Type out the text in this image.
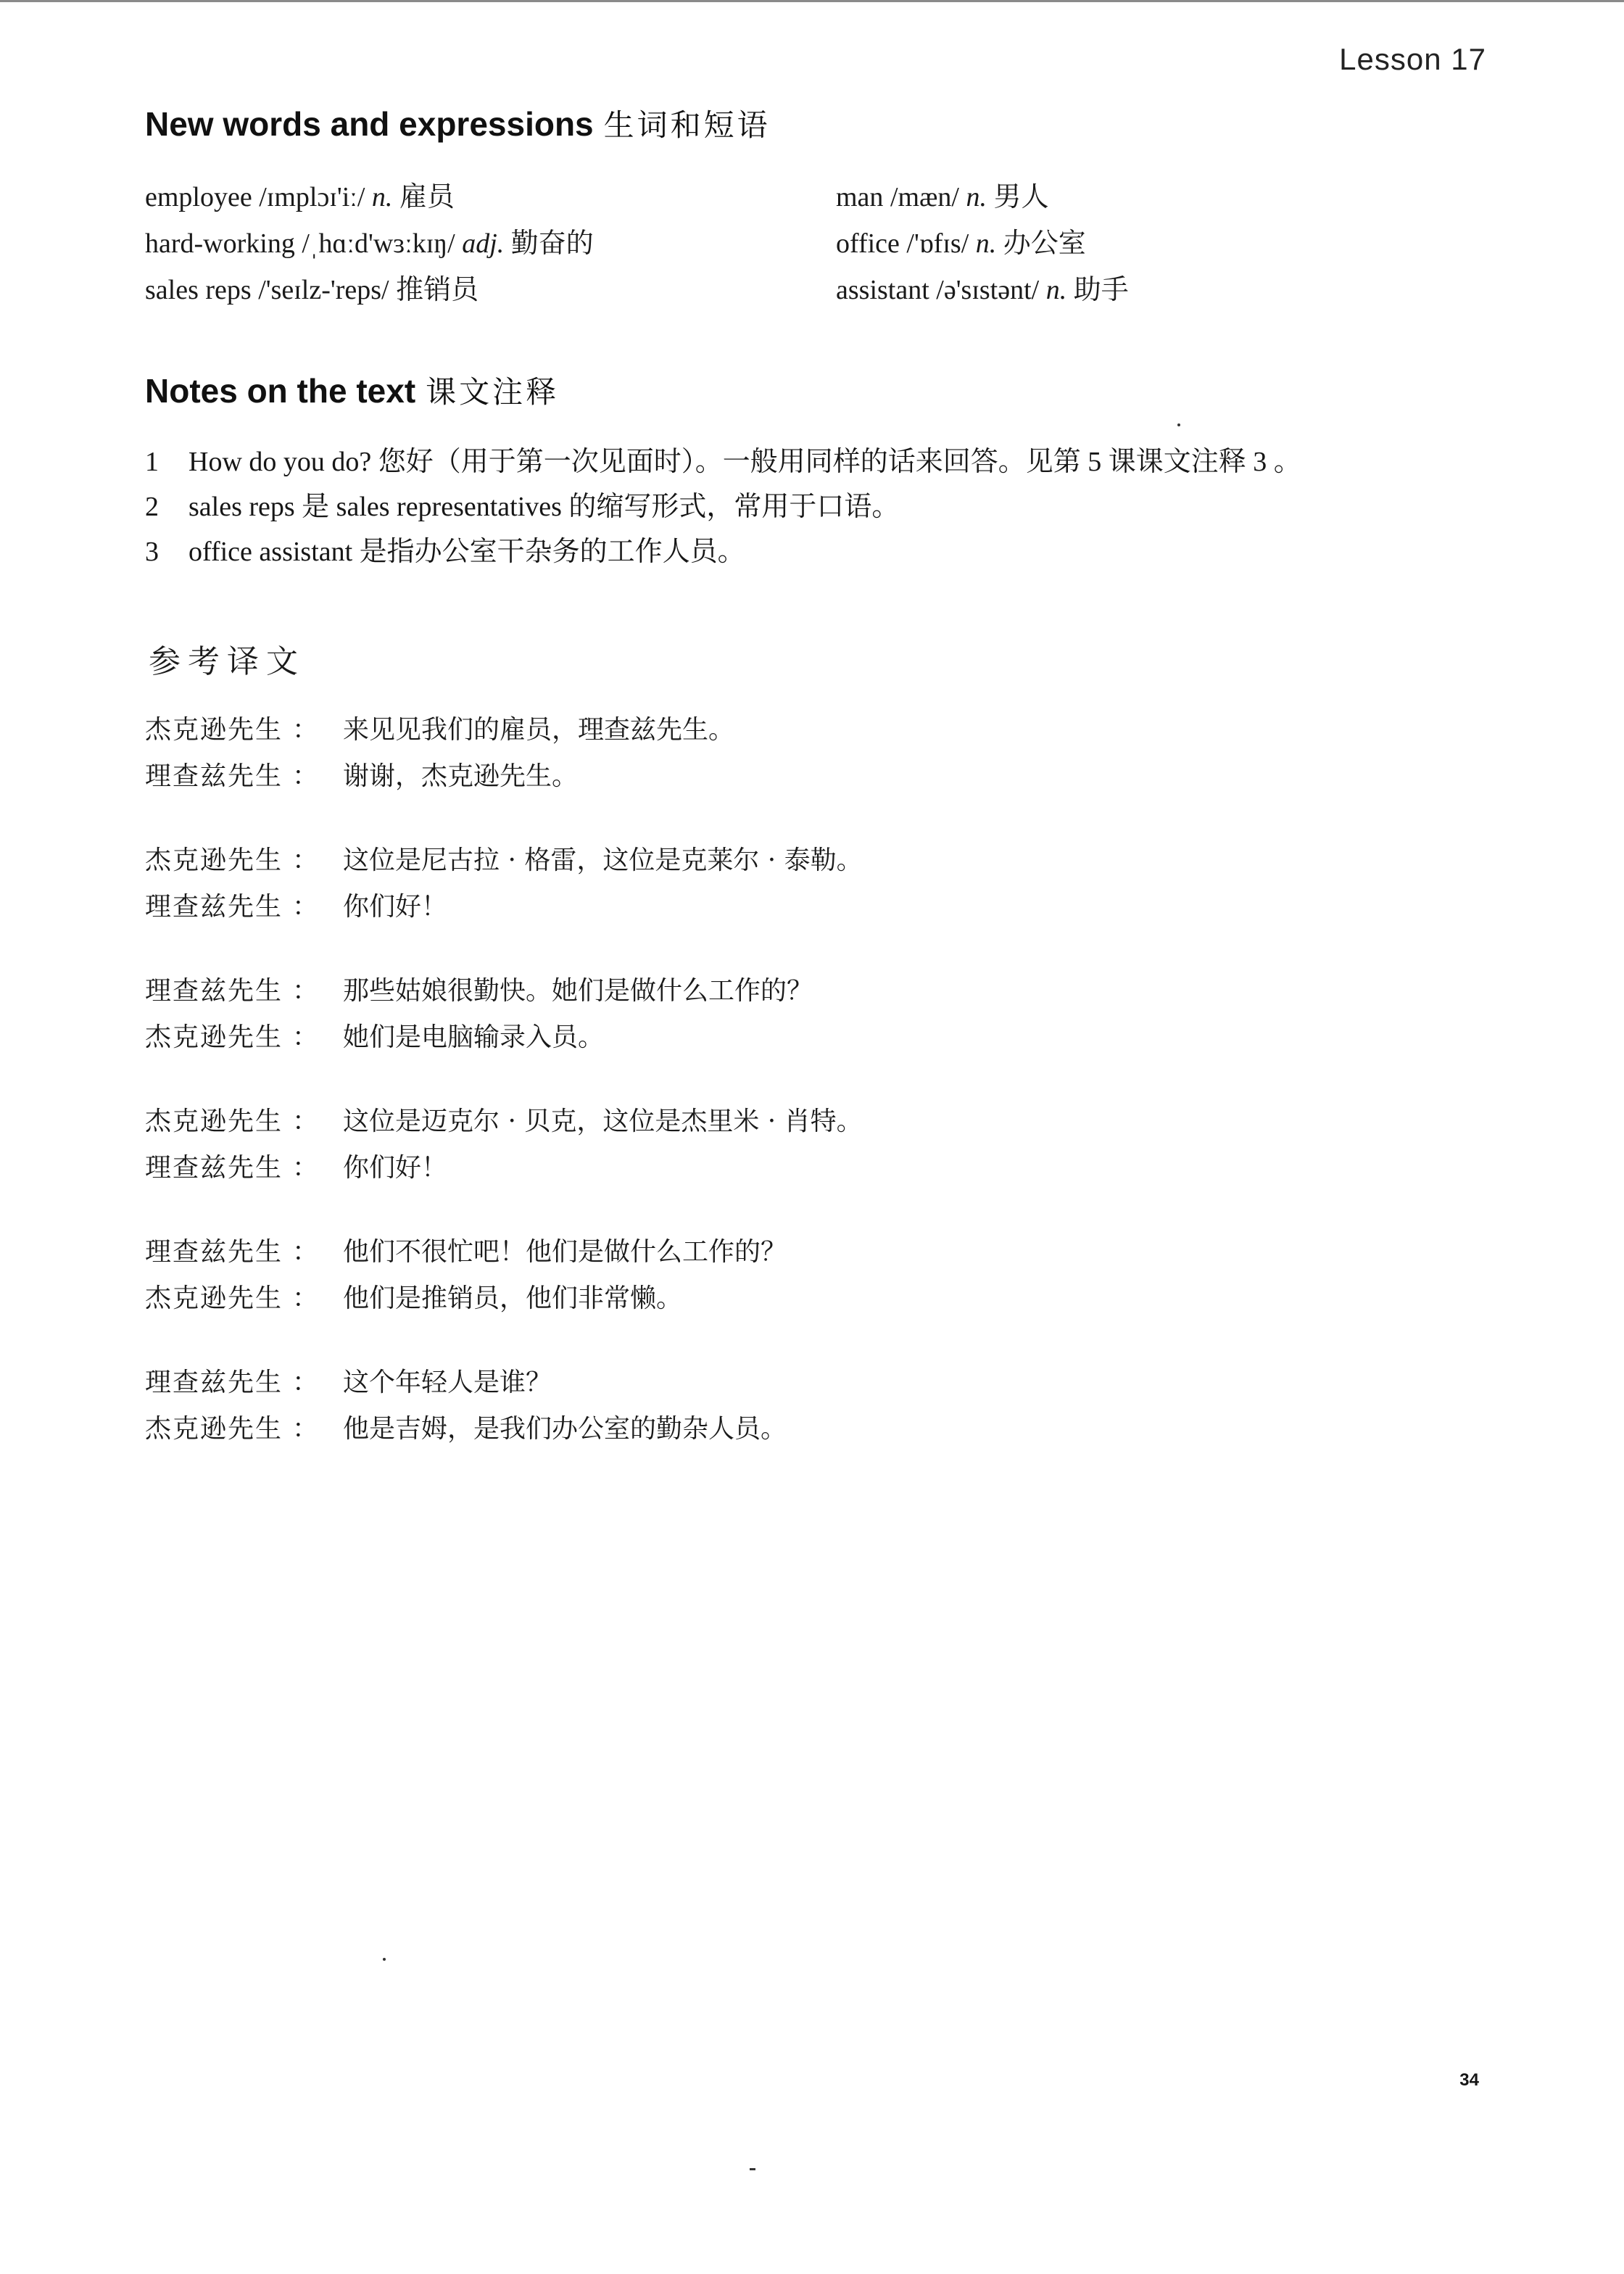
Lesson 17
New words and expressions 生词和短语
employee /ɪmplɔɪ'iː/ n. 雇员
hard-working /ˌhɑːd'wɜːkɪŋ/ adj. 勤奋的
sales reps /'seɪlz-'reps/ 推销员
man /mæn/ n. 男人
office /'ɒfɪs/ n. 办公室
assistant /ə'sɪstənt/ n. 助手
Notes on the text 课文注释
1 How do you do? 您好（用于第一次见面时）。一般用同样的话来回答。见第 5 课课文注释 3 。
2 sales reps 是 sales representatives 的缩写形式，常用于口语。
3 office assistant 是指办公室干杂务的工作人员。
参考译文
杰克逊先生 ： 来见见我们的雇员，理查兹先生。
理查兹先生 ： 谢谢，杰克逊先生。
杰克逊先生 ： 这位是尼古拉 · 格雷，这位是克莱尔 · 泰勒。
理查兹先生 ： 你们好！
理查兹先生 ： 那些姑娘很勤快。她们是做什么工作的？
杰克逊先生 ： 她们是电脑输录入员。
杰克逊先生 ： 这位是迈克尔 · 贝克，这位是杰里米 · 肖特。
理查兹先生 ： 你们好！
理查兹先生 ： 他们不很忙吧！他们是做什么工作的？
杰克逊先生 ： 他们是推销员，他们非常懒。
理查兹先生 ： 这个年轻人是谁？
杰克逊先生 ： 他是吉姆，是我们办公室的勤杂人员。
34
